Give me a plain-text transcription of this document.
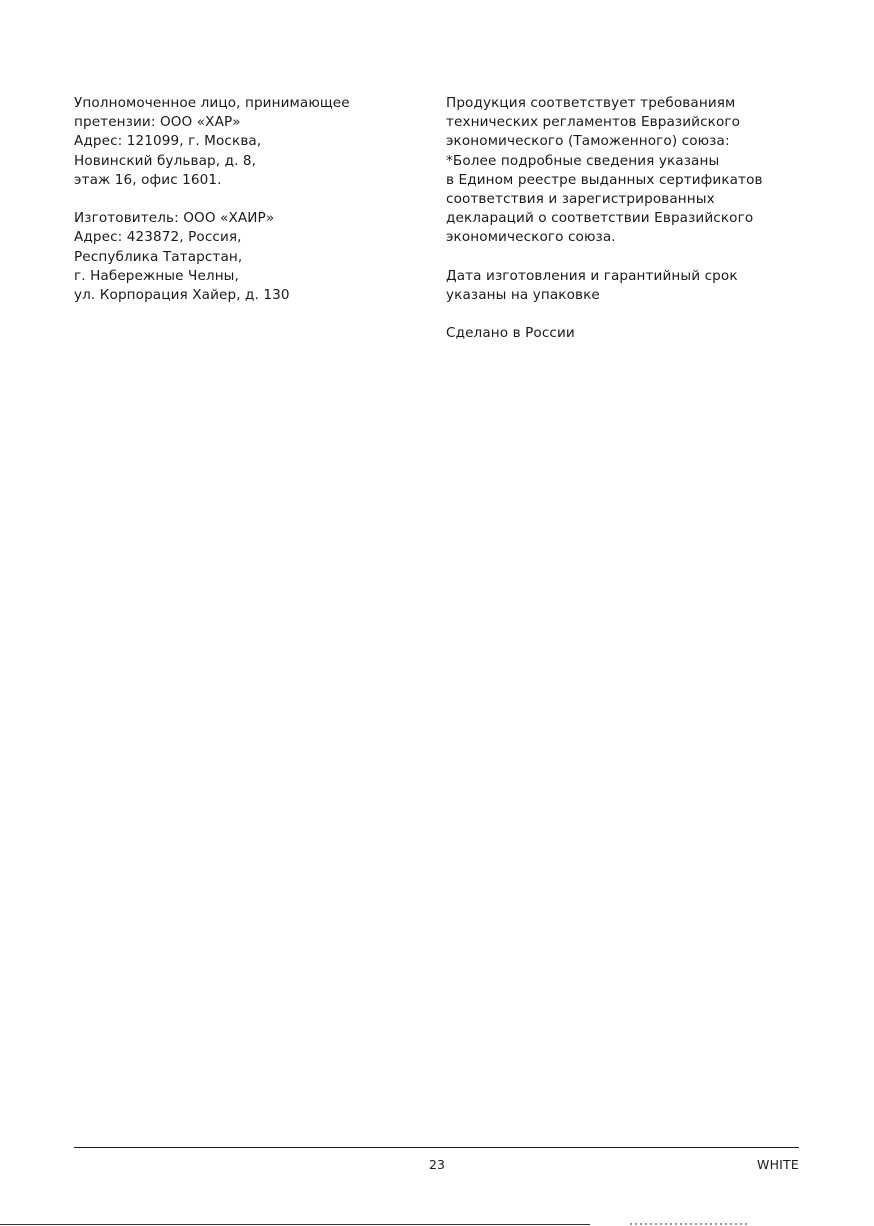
Уполномоченное лицо, принимающее
претензии: ООО «ХАР»
Адрес: 121099, г. Москва,
Новинский бульвар, д. 8,
этаж 16, офис 1601.
Изготовитель: ООО «ХАИР»
Адрес: 423872, Россия,
Республика Татарстан,
г. Набережные Челны,
ул. Корпорация Хайер, д. 130
Продукция соответствует требованиям
технических регламентов Евразийского
экономического (Таможенного) союза:
*Более подробные сведения указаны
в Едином реестре выданных сертификатов
соответствия и зарегистрированных
деклараций о соответствии Евразийского
экономического союза.
Дата изготовления и гарантийный срок
указаны на упаковке
Сделано в России
23	WHITE
